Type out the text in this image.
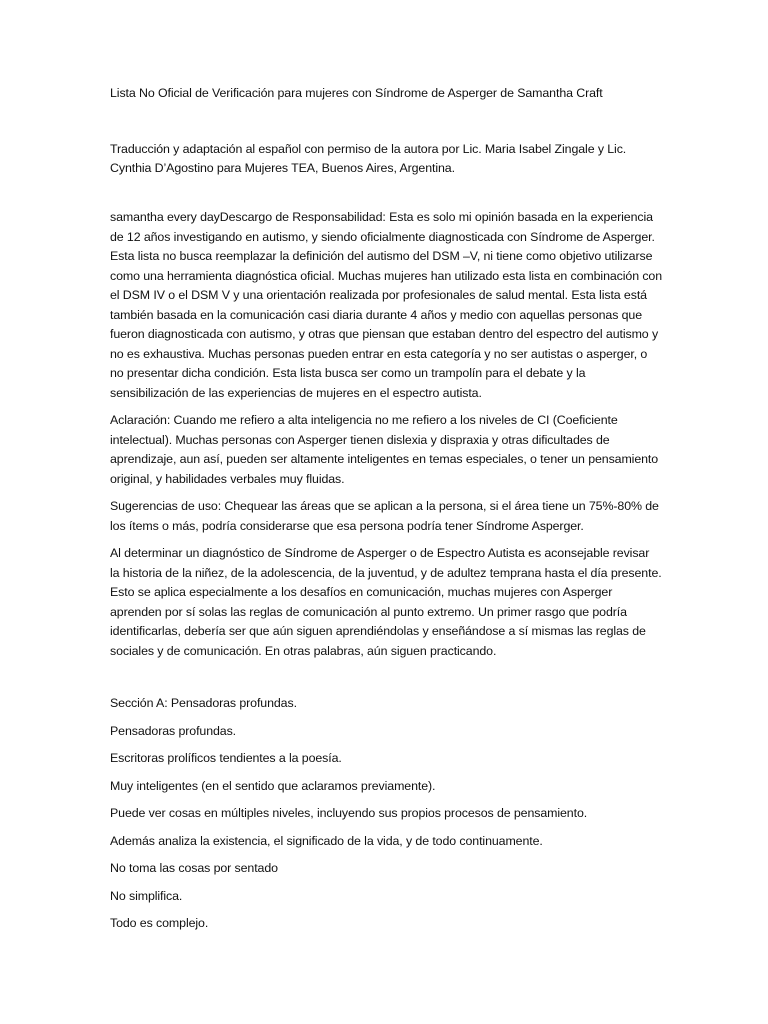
Lista No Oficial de Verificación para mujeres con Síndrome de Asperger de Samantha Craft

Traducción y adaptación al español con permiso de la autora por Lic. Maria Isabel Zingale y Lic. Cynthia D’Agostino para Mujeres TEA, Buenos Aires, Argentina.

samantha every dayDescargo de Responsabilidad: Esta es solo mi opinión basada en la experiencia de 12 años investigando en autismo, y siendo oficialmente diagnosticada con Síndrome de Asperger. Esta lista no busca reemplazar la definición del autismo del DSM –V, ni tiene como objetivo utilizarse como una herramienta diagnóstica oficial. Muchas mujeres han utilizado esta lista en combinación con el DSM IV o el DSM V y una orientación realizada por profesionales de salud mental. Esta lista está también basada en la comunicación casi diaria durante 4 años y medio con aquellas personas que fueron diagnosticada con autismo, y otras que piensan que estaban dentro del espectro del autismo y no es exhaustiva. Muchas personas pueden entrar en esta categoría y no ser autistas o asperger, o no presentar dicha condición. Esta lista busca ser como un trampolín para el debate y la sensibilización de las experiencias de mujeres en el espectro autista.

Aclaración: Cuando me refiero a alta inteligencia no me refiero a los niveles de CI (Coeficiente intelectual). Muchas personas con Asperger tienen dislexia y dispraxia y otras dificultades de aprendizaje, aun así, pueden ser altamente inteligentes en temas especiales, o tener un pensamiento original, y habilidades verbales muy fluidas.

Sugerencias de uso: Chequear las áreas que se aplican a la persona, si el área tiene un 75%-80% de los ítems o más, podría considerarse que esa persona podría tener Síndrome Asperger.

Al determinar un diagnóstico de Síndrome de Asperger o de Espectro Autista es aconsejable revisar la historia de la niñez, de la adolescencia, de la juventud, y de adultez temprana hasta el día presente. Esto se aplica especialmente a los desafíos en comunicación, muchas mujeres con Asperger aprenden por sí solas las reglas de comunicación al punto extremo. Un primer rasgo que podría identificarlas, debería ser que aún siguen aprendiéndolas y enseñándose a sí mismas las reglas de sociales y de comunicación. En otras palabras, aún siguen practicando.

Sección A: Pensadoras profundas.
Pensadoras profundas.
Escritoras prolíficos tendientes a la poesía.
Muy inteligentes (en el sentido que aclaramos previamente).
Puede ver cosas en múltiples niveles, incluyendo sus propios procesos de pensamiento.
Además analiza la existencia, el significado de la vida, y de todo continuamente.
No toma las cosas por sentado
No simplifica.
Todo es complejo.
